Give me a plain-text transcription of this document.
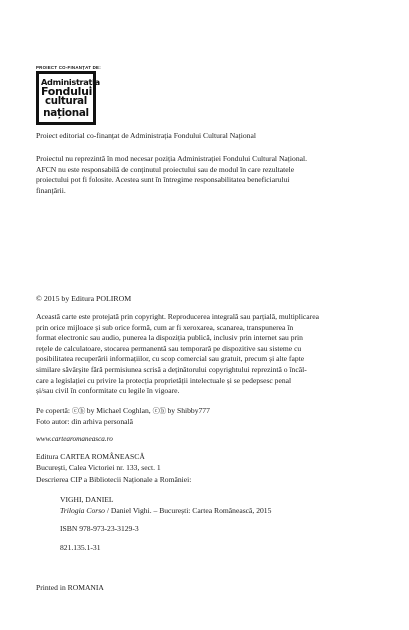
PROIECT CO-FINANȚAT DE:
Administrația
Fondului
cultural
național
Proiect editorial co-finanțat de Administrația Fondului Cultural Național
Proiectul nu reprezintă în mod necesar poziția Administrației Fondului Cultural Național.
AFCN nu este responsabilă de conținutul proiectului sau de modul în care rezultatele
proiectului pot fi folosite. Acestea sunt în întregime responsabilitatea beneficiarului
finanțării.
© 2015 by Editura POLIROM
Această carte este protejată prin copyright. Reproducerea integrală sau parțială, multiplicarea
prin orice mijloace și sub orice formă, cum ar fi xeroxarea, scanarea, transpunerea în
format electronic sau audio, punerea la dispoziția publică, inclusiv prin internet sau prin
rețele de calculatoare, stocarea permanentă sau temporară pe dispozitive sau sisteme cu
posibilitatea recuperării informațiilor, cu scop comercial sau gratuit, precum și alte fapte
similare săvârșite fără permisiunea scrisă a deținătorului copyrightului reprezintă o încăl-
care a legislației cu privire la protecția proprietății intelectuale și se pedepsesc penal
și/sau civil în conformitate cu legile în vigoare.
Pe copertă: ⓒⓑ by Michael Coghlan, ⓒⓑ by Shibby777
Foto autor: din arhiva personală
www.cartearomaneasca.ro
Editura CARTEA ROMÂNEASCĂ
București, Calea Victoriei nr. 133, sect. 1
Descrierea CIP a Bibliotecii Naționale a României:
VIGHI, DANIEL
Trilogia Corso / Daniel Vighi. – București: Cartea Românească, 2015
ISBN 978-973-23-3129-3
821.135.1-31
Printed in ROMANIA
